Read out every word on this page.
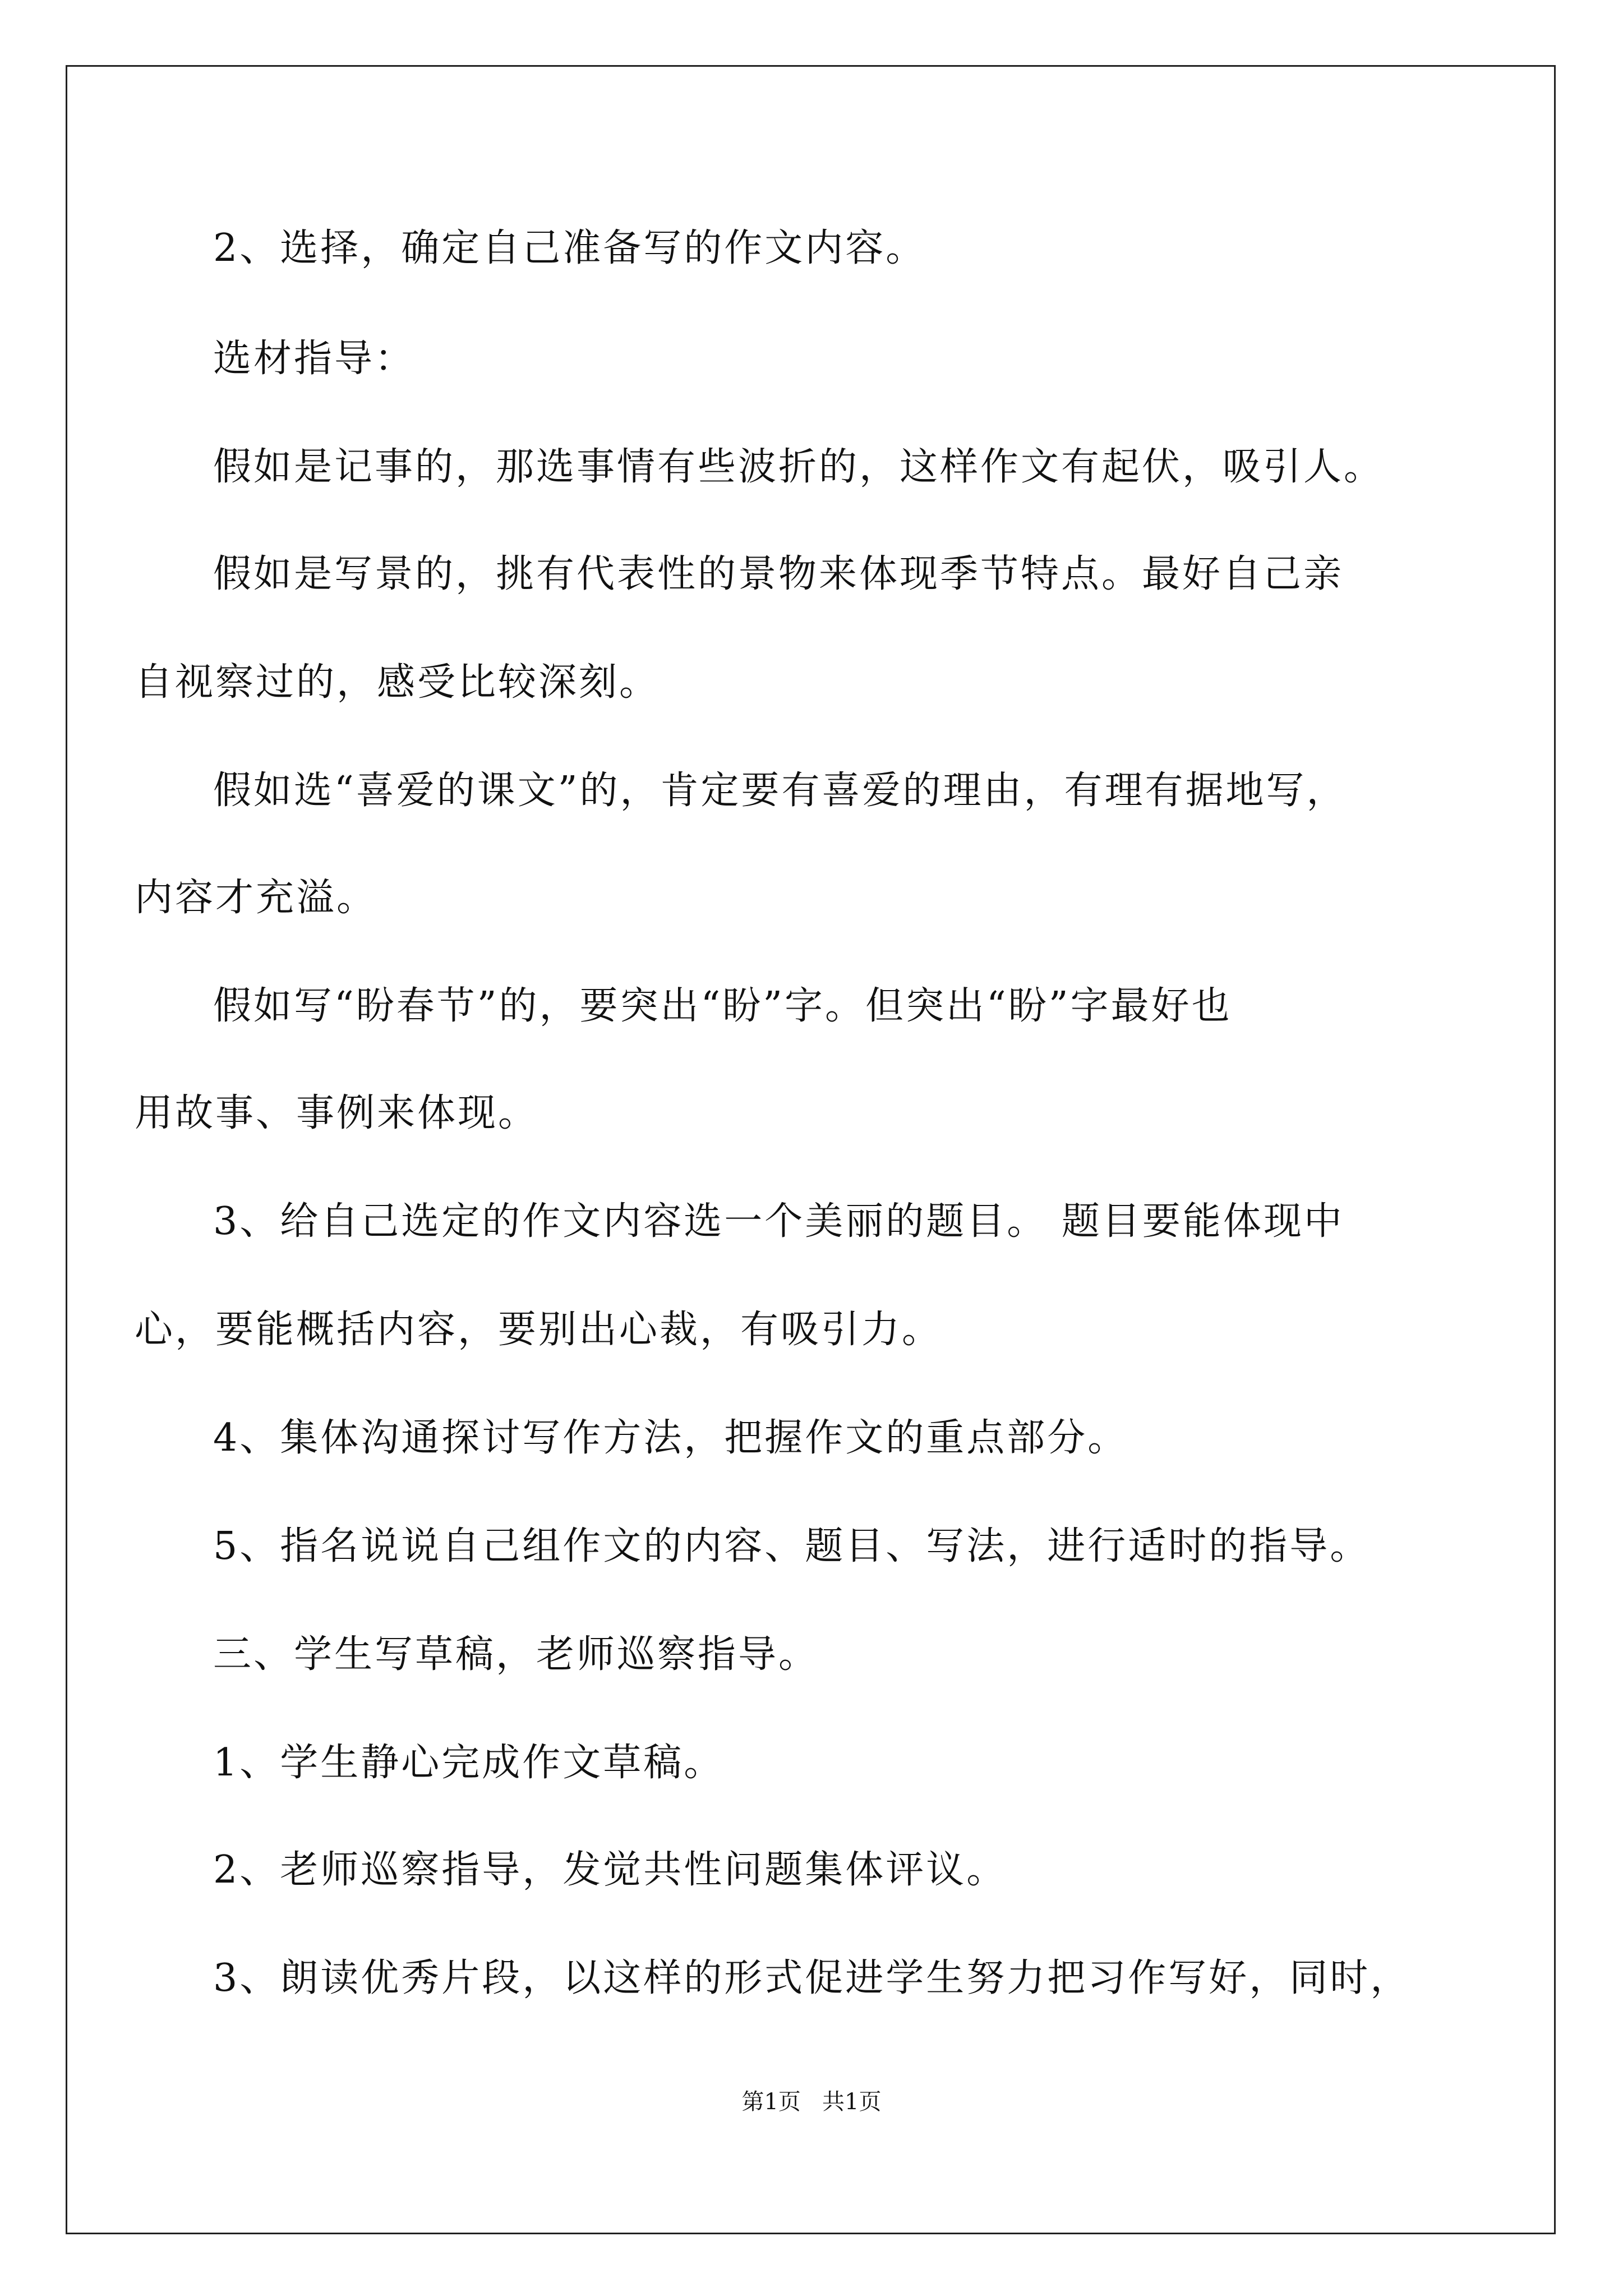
2、选择，确定自己准备写的作文内容。
选材指导：
假如是记事的，那选事情有些波折的，这样作文有起伏，吸引人。
假如是写景的，挑有代表性的景物来体现季节特点。最好自己亲
自视察过的，感受比较深刻。
假如选“喜爱的课文”的，肯定要有喜爱的理由，有理有据地写，
内容才充溢。
假如写“盼春节”的，要突出“盼”字。但突出“盼”字最好也
用故事、事例来体现。
3、给自己选定的作文内容选一个美丽的题目。 题目要能体现中
心，要能概括内容，要别出心裁，有吸引力。
4、集体沟通探讨写作方法，把握作文的重点部分。
5、指名说说自己组作文的内容、题目、写法，进行适时的指导。
三、学生写草稿，老师巡察指导。
1、学生静心完成作文草稿。
2、老师巡察指导，发觉共性问题集体评议。
3、朗读优秀片段，以这样的形式促进学生努力把习作写好，同时，
第1页   共1页
